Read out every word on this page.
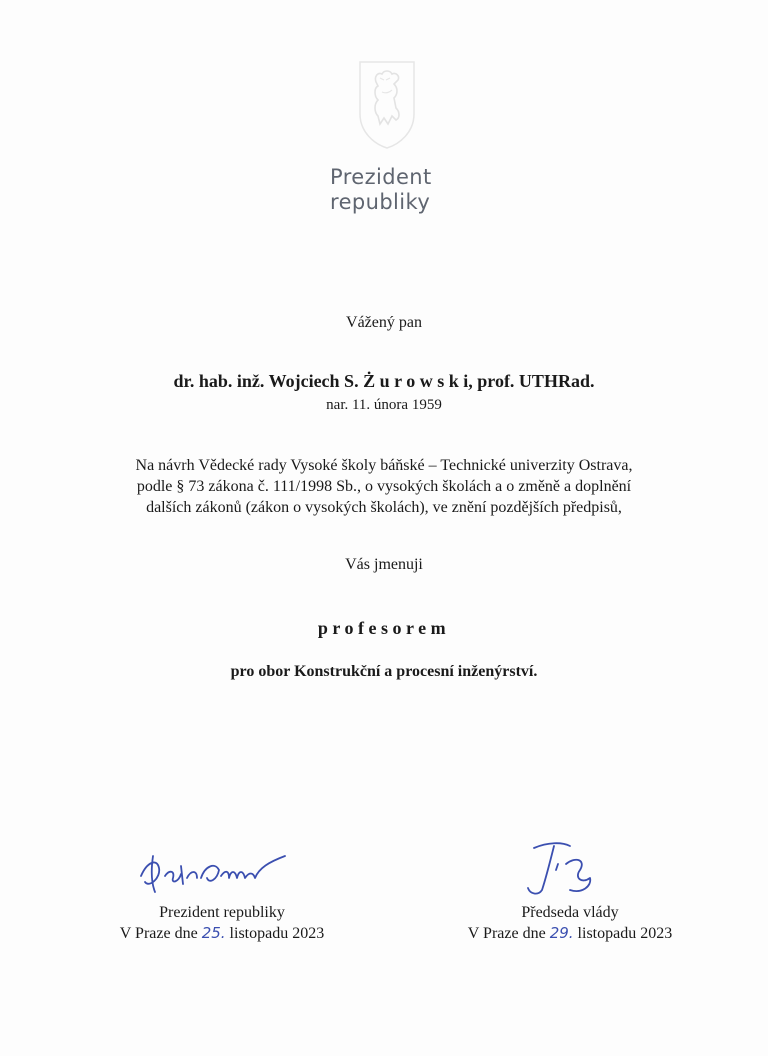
Prezident
republiky
Vážený pan
dr. hab. inž. Wojciech S. Ż u r o w s k i, prof. UTHRad.
nar. 11. února 1959
Na návrh Vědecké rady Vysoké školy báňské – Technické univerzity Ostrava,
podle § 73 zákona č. 111/1998 Sb., o vysokých školách a o změně a doplnění
dalších zákonů (zákon o vysokých školách), ve znění pozdějších předpisů,
Vás jmenuji
profesorem
pro obor Konstrukční a procesní inženýrství.
Prezident republiky
V Praze dne 25. listopadu 2023
Předseda vlády
V Praze dne 29. listopadu 2023
